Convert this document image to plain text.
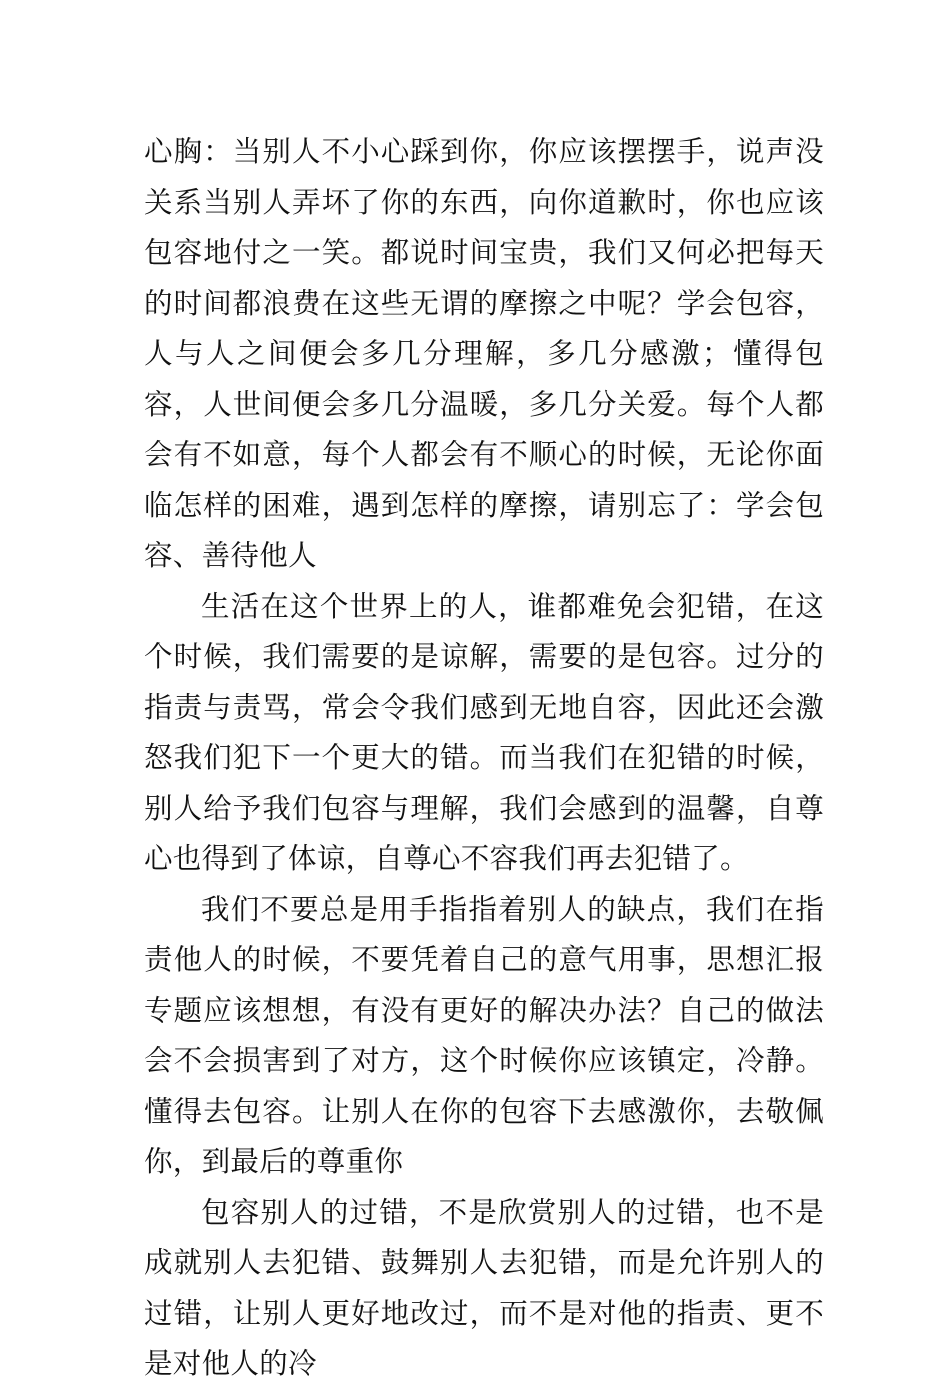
心胸：当别人不小心踩到你，你应该摆摆手，说声没关系当别人弄坏了你的东西，向你道歉时，你也应该包容地付之一笑。都说时间宝贵，我们又何必把每天的时间都浪费在这些无谓的摩擦之中呢？学会包容，人与人之间便会多几分理解，多几分感激；懂得包容，人世间便会多几分温暖，多几分关爱。每个人都会有不如意，每个人都会有不顺心的时候，无论你面临怎样的困难，遇到怎样的摩擦，请别忘了：学会包容、善待他人

生活在这个世界上的人，谁都难免会犯错，在这个时候，我们需要的是谅解，需要的是包容。过分的指责与责骂，常会令我们感到无地自容，因此还会激怒我们犯下一个更大的错。而当我们在犯错的时候，别人给予我们包容与理解，我们会感到的温馨，自尊心也得到了体谅，自尊心不容我们再去犯错了。

我们不要总是用手指指着别人的缺点，我们在指责他人的时候，不要凭着自己的意气用事，思想汇报专题应该想想，有没有更好的解决办法？自己的做法会不会损害到了对方，这个时候你应该镇定，冷静。懂得去包容。让别人在你的包容下去感激你，去敬佩你，到最后的尊重你

包容别人的过错，不是欣赏别人的过错，也不是成就别人去犯错、鼓舞别人去犯错，而是允许别人的过错，让别人更好地改过，而不是对他的指责、更不是对他人的冷
